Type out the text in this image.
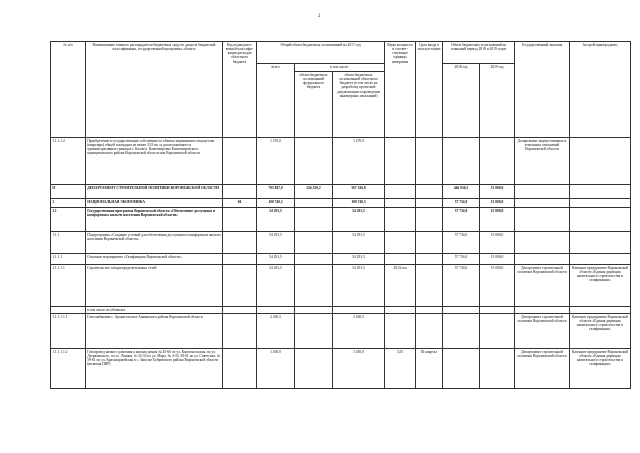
2
№ п/п	Наименование главного распорядителя бюджетных средств, раздела бюджетной классификации, государственной программы, объекта	Код подведомст-венной классифи-кации расходов областного бюджета	Общий объем бюджетных ассигнований на 2017 год			Виды мощности и соответ-ствующие единицы измерения	Срок ввода в эксплуа-тацию	Объем бюджетных ассигнований на плановый период 2018 и 2019 годов		Государственный заказчик	Застрой-щик/продавец
			всего	в том числе:				2018 год	2019 год		
				объем бюджетных ассигнований федерального бюджета	объем бюджетных ассигнований областного бюджета (в том числе на разработку проектной документации и проведение инженерных изысканий)						
1.1.1.1.2	Приобретение в государственную собственность объекта недвижимого имущества (квартиры) общей площадью не менее 33,9 кв. м, расположенного в административных границах г. Калач/п. Кантемировка Кантемировского муниципального района Воронежской области или Воронежской области		1 270,0		1 270,0					Департамент имущественных и земельных отношений Воронежской области	
II	ДЕПАРТАМЕНТ СТРОИТЕЛЬНОЙ ПОЛИТИКИ ВОРОНЕЖСКОЙ ОБЛАСТИ		793 847,0	226 520,2	567 326,8			446 036,5	51 000,0		
1	НАЦИОНАЛЬНАЯ ЭКОНОМИКА	04	100 740,3		100 740,3			57 734,0	15 000,0		
1.1	Государственная программа Воронежской области «Обеспечение доступным и комфортным жильем населения Воронежской области»		54 291,5		54 291,5			57 734,0	15 000,0		
1.1.1	Подпрограмма «Создание условий для обеспечения доступным и комфортным жильем населения Воронежской области»		54 291,5		54 291,5			57 734,0	15 000,0		
1.1.1.1	Основное мероприятие «Газификация Воронежской области»		54 291,5		54 291,5			57 734,0	15 000,0		
1.1.1.1.1	Строительство газораспределительных сетей		54 291,5		54 291,5	29,52 км		57 734,0	15 000,0	Департамент строительной политики Воронежской области	Казенное предприятие Воронежской области «Единая дирекция капитального строительства и газификации»
	в том числе по объектам:										
1.1.1.1.1.1	Газоснабжение с. Архангельское Аннинского района Воронежской области		2 430,5		2 430,5					Департамент строительной политики Воронежской области	Казенное предприятие Воронежской области «Единая дирекция капитального строительства и газификации»
1.1.1.1.1.2	Газопровод низкого давления к жилым домам № 45-66 по ул. Комсомольская, по ул. Дзержинского, по ул. Ленина, № 32-33 по ул. Мира, № 4-35, 58-61 по ул. Советская, № 59-61 по ул. Красноармейская в с. Заполье Бобровского района Воронежской области (включая ПИР)		1 450,0		1 450,0	3,55	III квартал			Департамент строительной политики Воронежской области	Казенное предприятие Воронежской области «Единая дирекция капитального строительства и газификации»
